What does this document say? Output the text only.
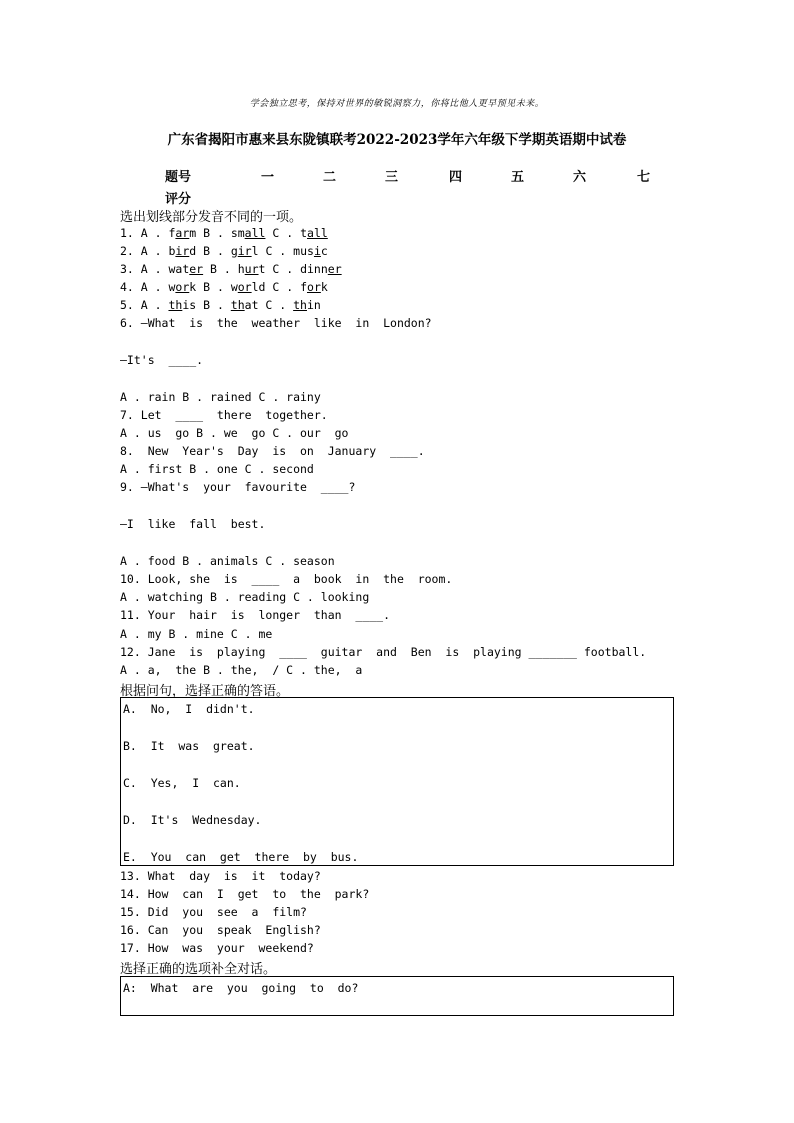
学会独立思考，保持对世界的敏锐洞察力，你将比他人更早预见未来。
广东省揭阳市惠来县东陇镇联考2022-2023学年六年级下学期英语期中试卷
题号	一	二	三	四	五	六	七
评分
选出划线部分发音不同的一项。
1. A . farm B . small C . tall
2. A . bird B . girl C . music
3. A . water B . hurt C . dinner
4. A . work B . world C . fork
5. A . this B . that C . thin
6. —What  is  the  weather  like  in  London?
—It's  ____.
A . rain B . rained C . rainy
7. Let  ____  there  together.
A . us  go B . we  go C . our  go
8.  New  Year's  Day  is  on  January  ____.
A . first B . one C . second
9. —What's  your  favourite  ____?
—I  like  fall  best.
A . food B . animals C . season
10. Look, she  is  ____  a  book  in  the  room.
A . watching B . reading C . looking
11. Your  hair  is  longer  than  ____.
A . my B . mine C . me
12. Jane  is  playing  ____  guitar  and  Ben  is  playing _______ football.
A . a,  the B . the,  / C . the,  a
根据问句，选择正确的答语。
A.  No,  I  didn't.
B.  It  was  great.
C.  Yes,  I  can.
D.  It's  Wednesday.
E.  You  can  get  there  by  bus.
13. What  day  is  it  today?
14. How  can  I  get  to  the  park?
15. Did  you  see  a  film?
16. Can  you  speak  English?
17. How  was  your  weekend?
选择正确的选项补全对话。
A:  What  are  you  going  to  do?
